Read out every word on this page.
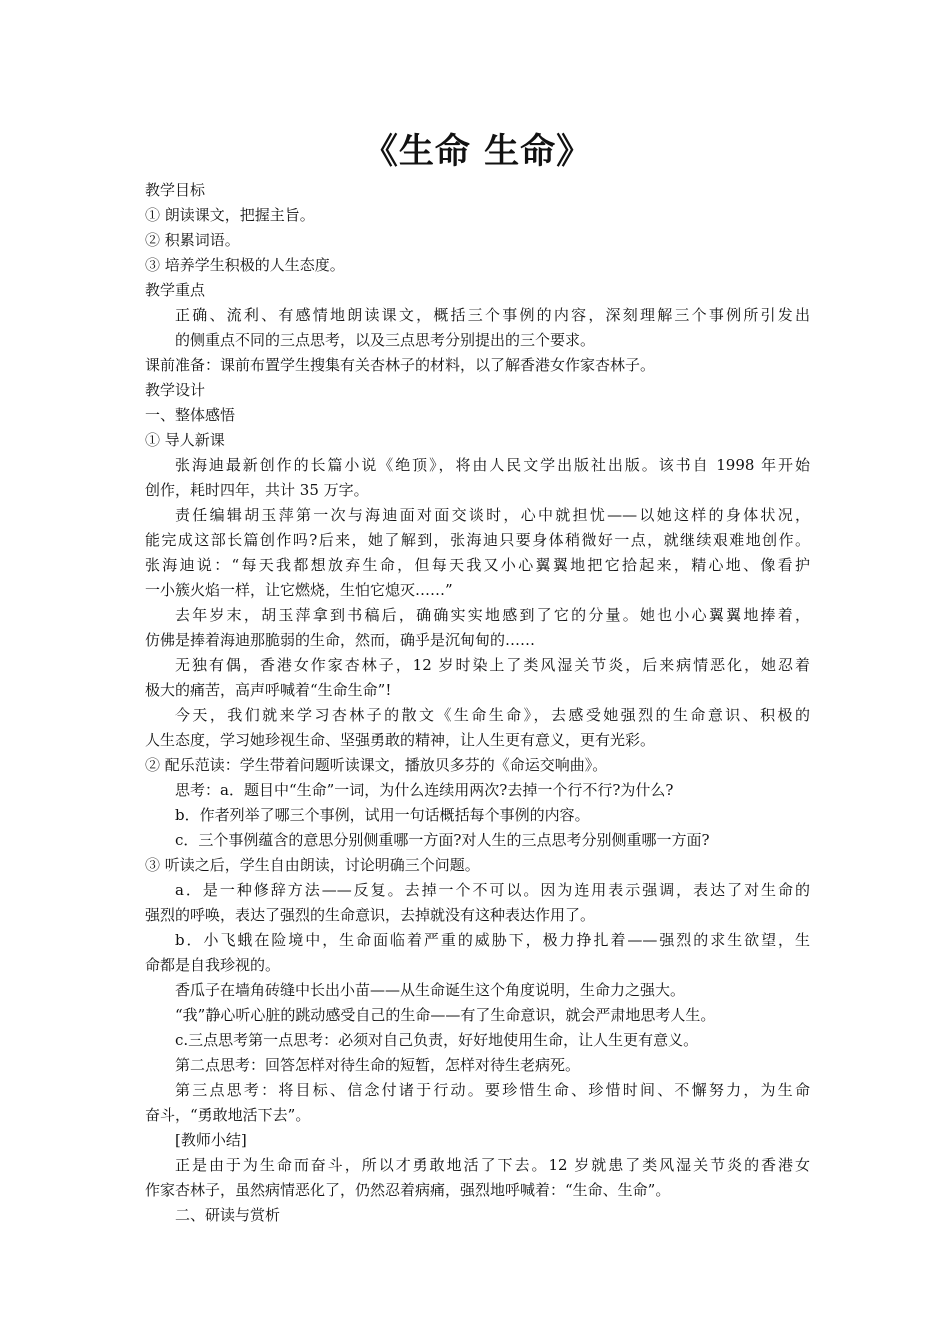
《生命 生命》

教学目标

① 朗读课文，把握主旨。

② 积累词语。

③ 培养学生积极的人生态度。

教学重点

正确、流利、有感情地朗读课文，概括三个事例的内容，深刻理解三个事例所引发出

的侧重点不同的三点思考，以及三点思考分别提出的三个要求。

课前准备：课前布置学生搜集有关杏林子的材料，以了解香港女作家杏林子。

教学设计

一、整体感悟

① 导人新课

张海迪最新创作的长篇小说《绝顶》，将由人民文学出版社出版。该书自 1998 年开始

创作，耗时四年，共计 35 万字。

责任编辑胡玉萍第一次与海迪面对面交谈时，心中就担忧——以她这样的身体状况，

能完成这部长篇创作吗?后来，她了解到，张海迪只要身体稍微好一点，就继续艰难地创作。

张海迪说：“每天我都想放弃生命，但每天我又小心翼翼地把它拾起来，精心地、像看护

一小簇火焰一样，让它燃烧，生怕它熄灭……”

去年岁末，胡玉萍拿到书稿后，确确实实地感到了它的分量。她也小心翼翼地捧着，

仿佛是捧着海迪那脆弱的生命，然而，确乎是沉甸甸的……

无独有偶，香港女作家杏林子，12 岁时染上了类风湿关节炎，后来病情恶化，她忍着

极大的痛苦，高声呼喊着“生命生命”!

今天，我们就来学习杏林子的散文《生命生命》，去感受她强烈的生命意识、积极的

人生态度，学习她珍视生命、坚强勇敢的精神，让人生更有意义，更有光彩。

② 配乐范读：学生带着问题听读课文，播放贝多芬的《命运交响曲》。

思考：a．题目中“生命”一词，为什么连续用两次?去掉一个行不行?为什么?

b．作者列举了哪三个事例，试用一句话概括每个事例的内容。

c．三个事例蕴含的意思分别侧重哪一方面?对人生的三点思考分别侧重哪一方面?

③ 听读之后，学生自由朗读，讨论明确三个问题。

a．是一种修辞方法——反复。去掉一个不可以。因为连用表示强调，表达了对生命的

强烈的呼唤，表达了强烈的生命意识，去掉就没有这种表达作用了。

b．小飞蛾在险境中，生命面临着严重的威胁下，极力挣扎着——强烈的求生欲望，生

命都是自我珍视的。

香瓜子在墙角砖缝中长出小苗——从生命诞生这个角度说明，生命力之强大。

“我”静心听心脏的跳动感受自己的生命——有了生命意识，就会严肃地思考人生。

c.三点思考第一点思考：必须对自己负责，好好地使用生命，让人生更有意义。

第二点思考：回答怎样对待生命的短暂，怎样对待生老病死。

第三点思考：将目标、信念付诸于行动。要珍惜生命、珍惜时间、不懈努力，为生命

奋斗，“勇敢地活下去”。

[教师小结]

正是由于为生命而奋斗，所以才勇敢地活了下去。12 岁就患了类风湿关节炎的香港女

作家杏林子，虽然病情恶化了，仍然忍着病痛，强烈地呼喊着：“生命、生命”。

二、研读与赏析
